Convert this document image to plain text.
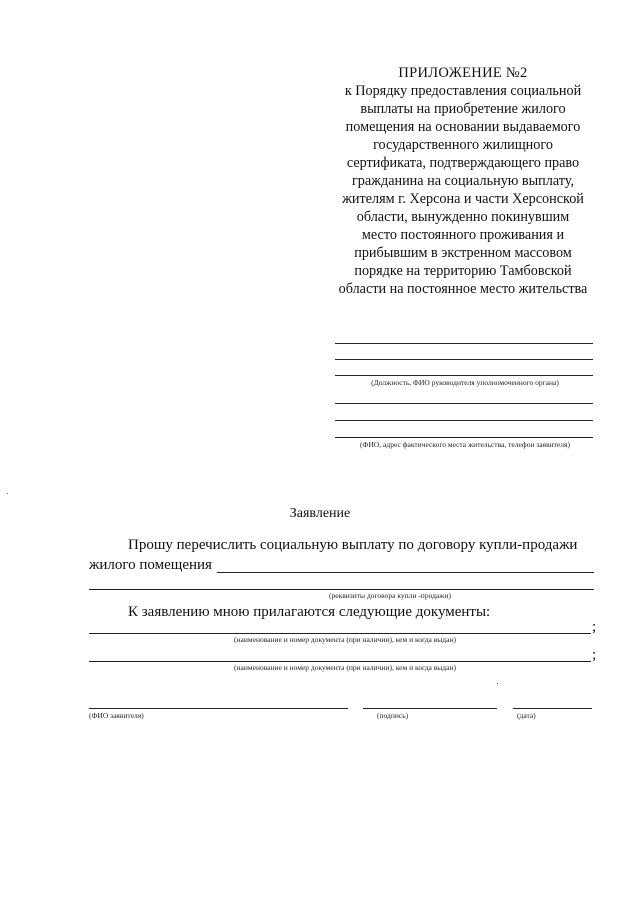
ПРИЛОЖЕНИЕ №2
к Порядку предоставления социальной
выплаты на приобретение жилого
помещения на основании выдаваемого
государственного жилищного
сертификата, подтверждающего право
гражданина на социальную выплату,
жителям г. Херсона и части Херсонской
области, вынужденно покинувшим
место постоянного проживания и
прибывшим в экстренном массовом
порядке на территорию Тамбовской
области на постоянное место жительства
(Должность, ФИО руководителя уполномоченного органа)
(ФИО, адрес фактического места жительства, телефон заявителя)
Заявление
Прошу перечислить социальную выплату по договору купли-продажи
жилого помещения
(реквизиты договора купли -продажи)
К заявлению мною прилагаются следующие документы:
;
(наименование и номер документа (при наличии), кем и когда выдан)
;
(наименование и номер документа (при наличии), кем и когда выдан)
(ФИО заявителя)	(подпись)	(дата)
